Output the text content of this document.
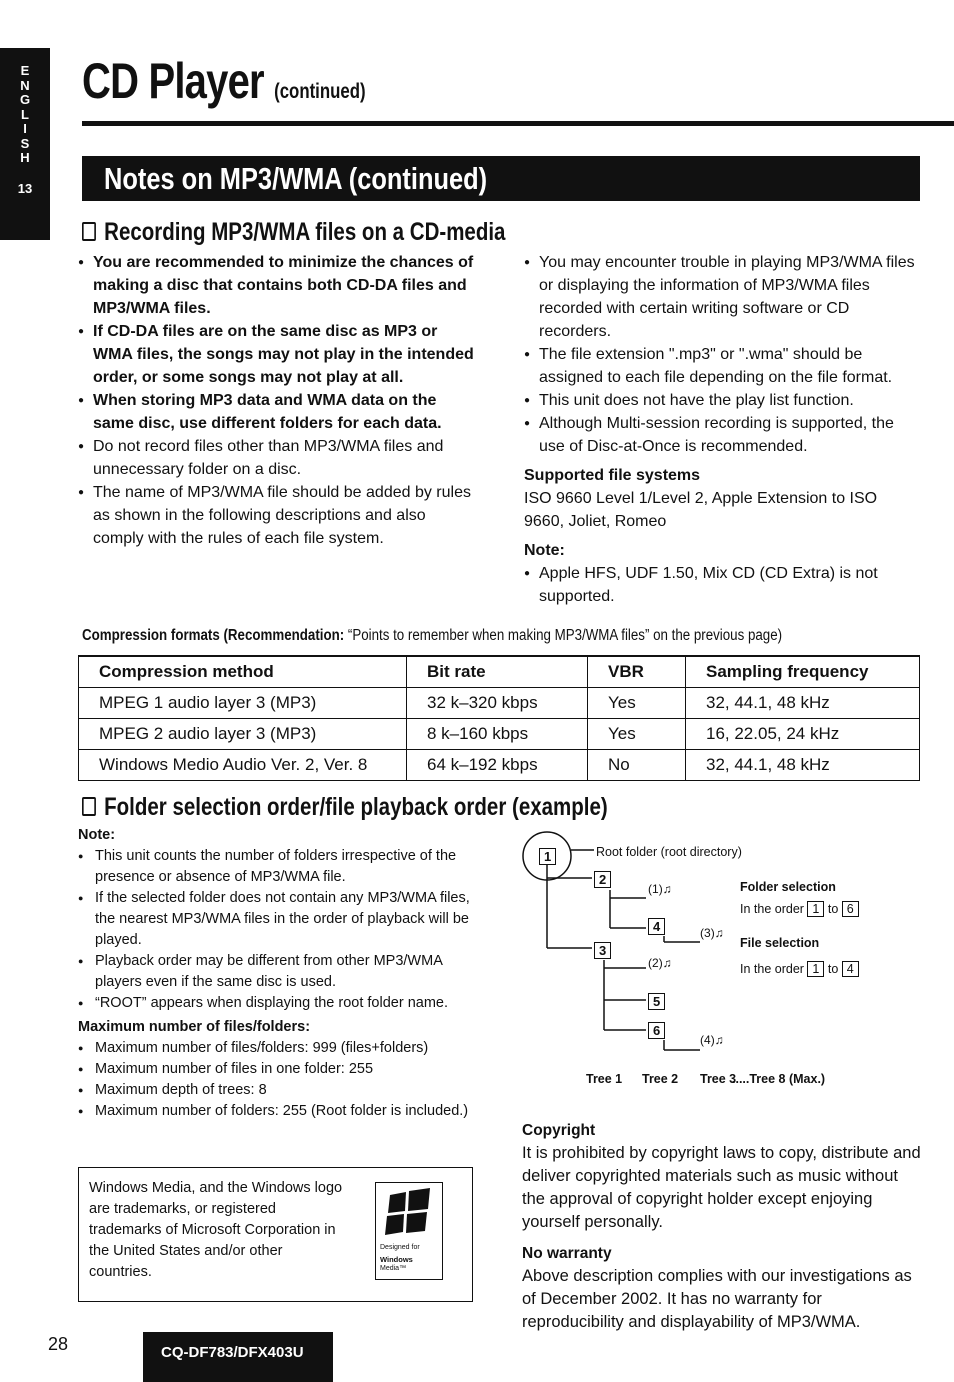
E
N
G
L
I
S
H
13
CD Player (continued)
Notes on MP3/WMA (continued)
Recording MP3/WMA files on a CD-media
● You are recommended to minimize the chances of making a disc that contains both CD-DA files and MP3/WMA files.
● If CD-DA files are on the same disc as MP3 or WMA files, the songs may not play in the intended order, or some songs may not play at all.
● When storing MP3 data and WMA data on the same disc, use different folders for each data.
● Do not record files other than MP3/WMA files and unnecessary folder on a disc.
● The name of MP3/WMA file should be added by rules as shown in the following descriptions and also comply with the rules of each file system.
● You may encounter trouble in playing MP3/WMA files or displaying the information of MP3/WMA files recorded with certain writing software or CD recorders.
● The file extension ".mp3" or ".wma" should be assigned to each file depending on the file format.
● This unit does not have the play list function.
● Although Multi-session recording is supported, the use of Disc-at-Once is recommended.
Supported file systems
ISO 9660 Level 1/Level 2, Apple Extension to ISO 9660, Joliet, Romeo
Note:
● Apple HFS, UDF 1.50, Mix CD (CD Extra) is not supported.
Compression formats (Recommendation: “Points to remember when making MP3/WMA files” on the previous page)
Compression method	Bit rate	VBR	Sampling frequency
MPEG 1 audio layer 3 (MP3)	32 k–320 kbps	Yes	32, 44.1, 48 kHz
MPEG 2 audio layer 3 (MP3)	8 k–160 kbps	Yes	16, 22.05, 24 kHz
Windows Medio Audio Ver. 2, Ver. 8	64 k–192 kbps	No	32, 44.1, 48 kHz
Folder selection order/file playback order (example)
Note:
● This unit counts the number of folders irrespective of the presence or absence of MP3/WMA file.
● If the selected folder does not contain any MP3/WMA files, the nearest MP3/WMA files in the order of playback will be played.
● Playback order may be different from other MP3/WMA players even if the same disc is used.
● “ROOT” appears when displaying the root folder name.
Maximum number of files/folders:
● Maximum number of files/folders: 999 (files+folders)
● Maximum number of files in one folder: 255
● Maximum depth of trees: 8
● Maximum number of folders: 255 (Root folder is included.)
Root folder (root directory)
Folder selection
In the order 1 to 6
File selection
In the order 1 to 4
Tree 1 Tree 2 Tree 3
.....Tree 8 (Max.)
1
2
3
4
5
6
(1)♫
(2)♫
(3)♫
(4)♫
Windows Media, and the Windows logo are trademarks, or registered trademarks of Microsoft Corporation in the United States and/or other countries.
Designed for
Windows
Media™
Copyright
It is prohibited by copyright laws to copy, distribute and deliver copyrighted materials such as music without the approval of copyright holder except enjoying yourself personally.
No warranty
Above description complies with our investigations as of December 2002. It has no warranty for reproducibility and displayability of MP3/WMA.
28	CQ-DF783/DFX403U
